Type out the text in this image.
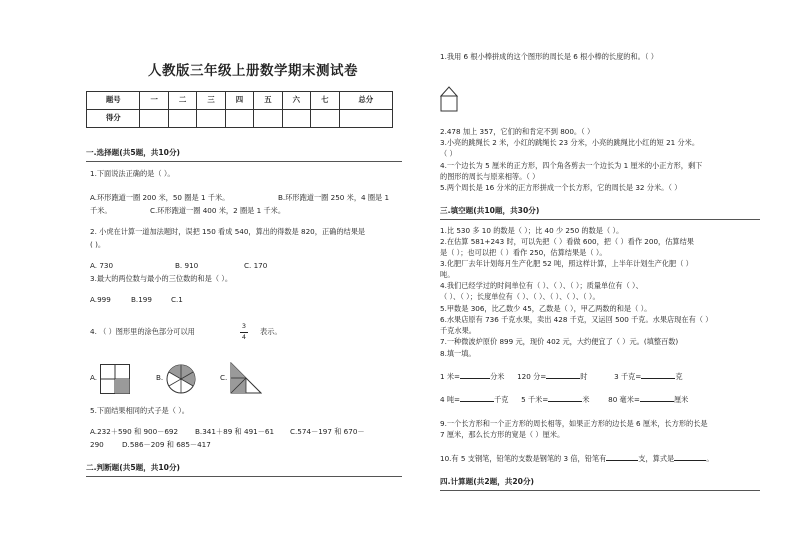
人教版三年级上册数学期末测试卷
题号	一	二	三	四	五	六	七	总分
得分								
一.选择题(共5题，共10分)
1.下面说法正确的是（ ）。
A.环形跑道一圈 200 米，50 圈是 1 千米。	B.环形跑道一圈 250 米，4 圈是 1
千米。	C.环形跑道一圈 400 米，2 圈是 1 千米。
2. 小虎在计算一道加法题时，误把 150 看成 540，算出的得数是 820，正确的结果是
( )。
A. 730	B. 910	C. 170
3.最大的两位数与最小的三位数的和是（ ）。
A.999	B.199	C.1
4. （ ）图形里的涂色部分可以用
3
4
表示。
A.	B.	C.
5.下面结果相同的式子是（ ）。
A.232＋590 和 900－692 B.341＋89 和 491－61 C.574－197 和 670－
290	D.586－209 和 685－417
二.判断题(共5题，共10分)
1.我用 6 根小棒拼成的这个图形的周长是 6 根小棒的长度的和。（ ）
2.478 加上 357，它们的和肯定不到 800。（ ）
3.小亮的跳绳长 2 米，小红的跳绳长 23 分米，小亮的跳绳比小红的短 21 分米。
（ ）
4.一个边长为 5 厘米的正方形，四个角各剪去一个边长为 1 厘米的小正方形，剩下
的图形的周长与原来相等。（ ）
5.两个周长是 16 分米的正方形拼成一个长方形，它的周长是 32 分米。（ ）
三.填空题(共10题，共30分)
1.比 530 多 10 的数是（ ）；比 40 少 250 的数是（ ）。
2.在估算 581+243 时，可以先把（ ）看做 600，把（ ）看作 200，估算结果
是（ ）；也可以把（ ）看作 250，估算结果是（ ）。
3.化肥厂去年计划每月生产化肥 52 吨，照这样计算，上半年计划生产化肥（ ）
吨。
4.我们已经学过的时间单位有（ ）、（ ）、（ ）；质量单位有（ ）、
（ ）、（ ）；长度单位有（ ）、（ ）、（ ）、（ ）、（ ）。
5.甲数是 306，比乙数少 45，乙数是（ ），甲乙两数的和是（ ）。
6.水果店原有 736 千克水果，卖出 428 千克，又运回 500 千克。水果店现在有（ ）
千克水果。
7.一种微波炉原价 899 元，现价 402 元，大约便宜了（ ）元。(填整百数)
8.填一填。
1 米=	分米 120 分=	时	3 千克=	克
4 吨=	千克 5 千米=	米	80 毫米=	厘米
9.一个长方形和一个正方形的周长相等，如果正方形的边长是 6 厘米，长方形的长是
7 厘米，那么长方形的宽是（ ）厘米。
10.有 5 支钢笔，铅笔的支数是钢笔的 3 倍，铅笔有	支，算式是	。
四.计算题(共2题，共20分)
